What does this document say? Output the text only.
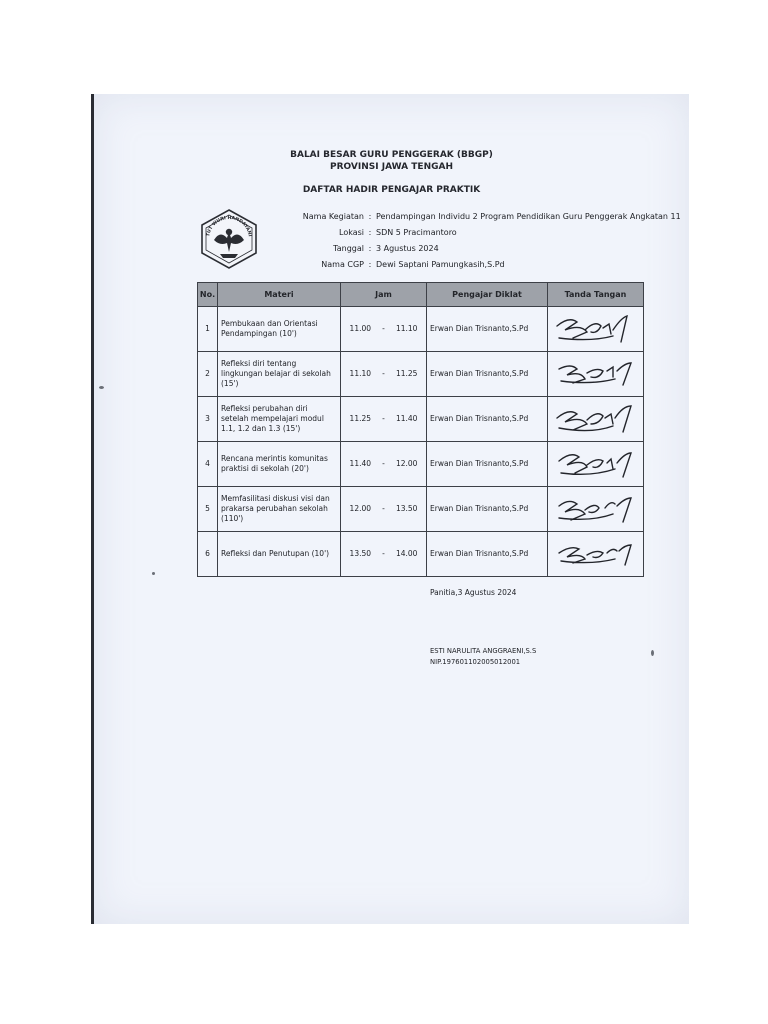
BALAI BESAR GURU PENGGERAK (BBGP)
PROVINSI JAWA TENGAH
DAFTAR HADIR PENGAJAR PRAKTIK
TUT WURI HANDAYANI
Nama Kegiatan : Pendampingan Individu 2 Program Pendidikan Guru Penggerak Angkatan 11
Lokasi : SDN 5 Pracimantoro
Tanggal : 3 Agustus 2024
Nama CGP : Dewi Saptani Pamungkasih,S.Pd
No.	Materi	Jam	Pengajar Diklat	Tanda Tangan
1	Pembukaan dan Orientasi Pendampingan (10')	11.00 - 11.10	Erwan Dian Trisnanto,S.Pd	

2	Refleksi diri tentang lingkungan belajar di sekolah (15')	11.10 - 11.25	Erwan Dian Trisnanto,S.Pd	

3	Refleksi perubahan diri setelah mempelajari modul 1.1, 1.2 dan 1.3 (15')	11.25 - 11.40	Erwan Dian Trisnanto,S.Pd	

4	Rencana merintis komunitas praktisi di sekolah (20')	11.40 - 12.00	Erwan Dian Trisnanto,S.Pd	

5	Memfasilitasi diskusi visi dan prakarsa perubahan sekolah (110')	12.00 - 13.50	Erwan Dian Trisnanto,S.Pd	

6	Refleksi dan Penutupan (10')	13.50 - 14.00	Erwan Dian Trisnanto,S.Pd	
Panitia,3 Agustus 2024
ESTI NARULITA ANGGRAENI,S.S
NIP.197601102005012001
